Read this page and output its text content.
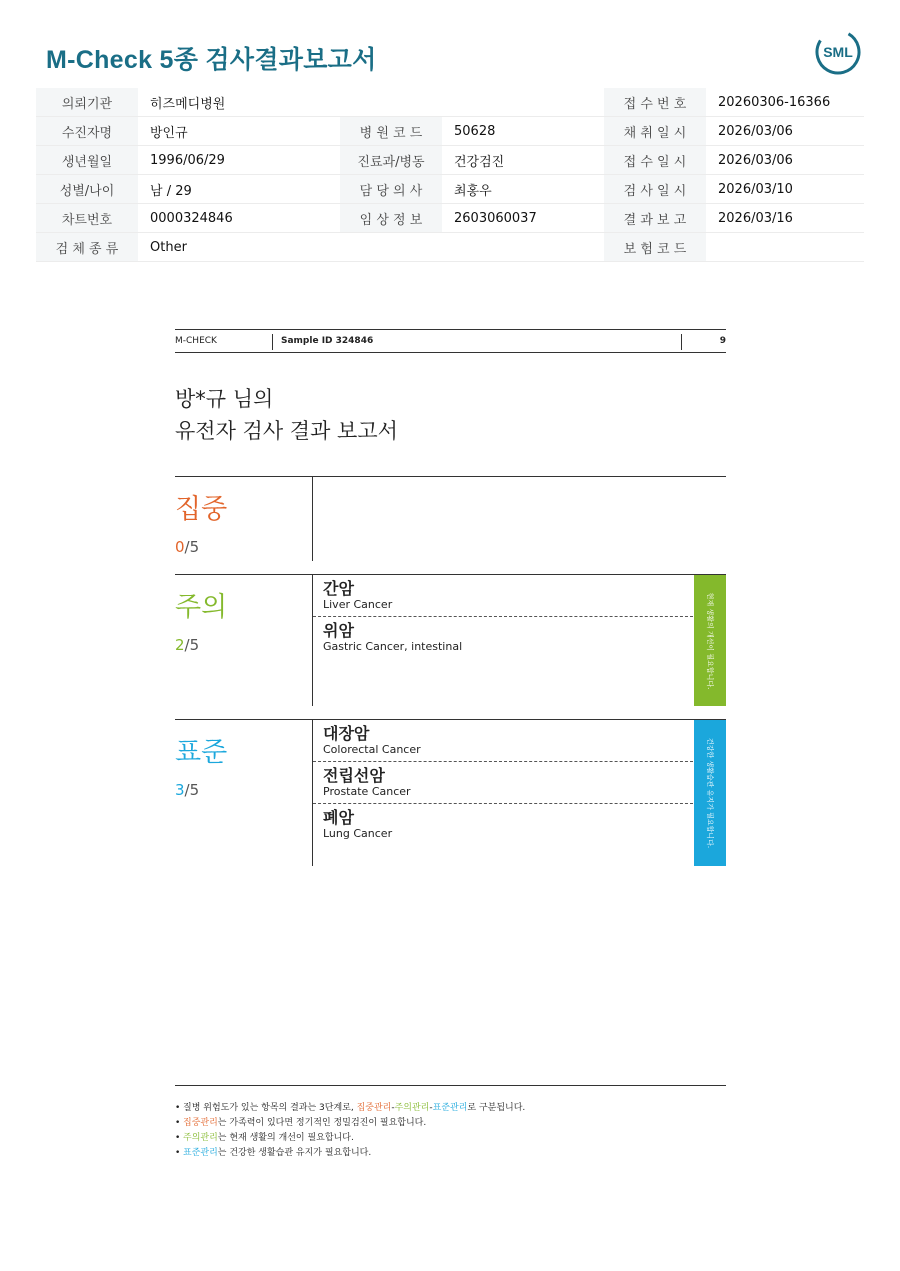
M-Check 5종 검사결과보고서	SML
의뢰기관	히즈메디병원			접 수 번 호	20260306-16366
수진자명	방인규	병 원 코 드	50628	채 취 일 시	2026/03/06
생년월일	1996/06/29	진료과/병동	건강검진	접 수 일 시	2026/03/06
성별/나이	남 / 29	담 당 의 사	최홍우	검 사 일 시	2026/03/10
차트번호	0000324846	임 상 정 보	2603060037	결 과 보 고	2026/03/16
검 체 종 류	Other			보 험 코 드	
M-CHECK	Sample ID 324846	9
방*규 님의
유전자 검사 결과 보고서
집중
0/5
주의
2/5
간암
Liver Cancer
위암
Gastric Cancer, intestinal	현재 생활의 개선이 필요합니다.
표준
3/5
대장암
Colorectal Cancer
전립선암
Prostate Cancer
폐암
Lung Cancer	건강한 생활습관 유지가 필요합니다.
• 질병 위험도가 있는 항목의 결과는 3단계로, 집중관리-주의관리-표준관리로 구분됩니다.
• 집중관리는 가족력이 있다면 정기적인 정밀검진이 필요합니다.
• 주의관리는 현재 생활의 개선이 필요합니다.
• 표준관리는 건강한 생활습관 유지가 필요합니다.
